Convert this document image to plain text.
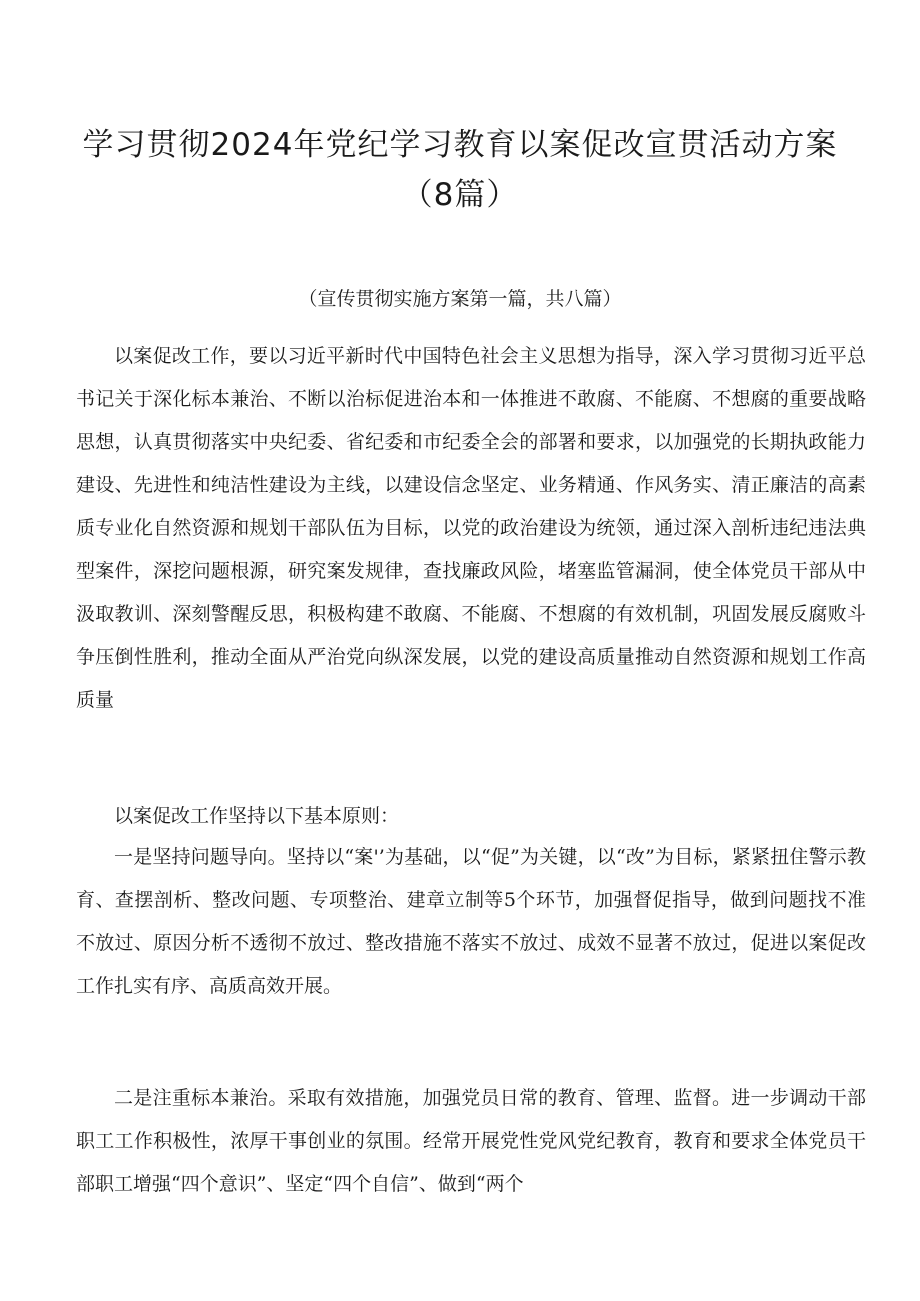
学习贯彻2024年党纪学习教育以案促改宣贯活动方案（8篇）

（宣传贯彻实施方案第一篇，共八篇）

以案促改工作，要以习近平新时代中国特色社会主义思想为指导，深入学习贯彻习近平总书记关于深化标本兼治、不断以治标促进治本和一体推进不敢腐、不能腐、不想腐的重要战略思想，认真贯彻落实中央纪委、省纪委和市纪委全会的部署和要求，以加强党的长期执政能力建设、先进性和纯洁性建设为主线，以建设信念坚定、业务精通、作风务实、清正廉洁的高素质专业化自然资源和规划干部队伍为目标，以党的政治建设为统领，通过深入剖析违纪违法典型案件，深挖问题根源，研究案发规律，查找廉政风险，堵塞监管漏洞，使全体党员干部从中汲取教训、深刻警醒反思，积极构建不敢腐、不能腐、不想腐的有效机制，巩固发展反腐败斗争压倒性胜利，推动全面从严治党向纵深发展，以党的建设高质量推动自然资源和规划工作高质量

以案促改工作坚持以下基本原则：

一是坚持问题导向。坚持以“案'’为基础，以“促”为关键，以“改”为目标，紧紧扭住警示教育、查摆剖析、整改问题、专项整治、建章立制等5个环节，加强督促指导，做到问题找不准不放过、原因分析不透彻不放过、整改措施不落实不放过、成效不显著不放过，促进以案促改工作扎实有序、高质高效开展。

二是注重标本兼治。采取有效措施，加强党员日常的教育、管理、监督。进一步调动干部职工工作积极性，浓厚干事创业的氛围。经常开展党性党风党纪教育，教育和要求全体党员干部职工增强“四个意识”、坚定“四个自信”、做到“两个
